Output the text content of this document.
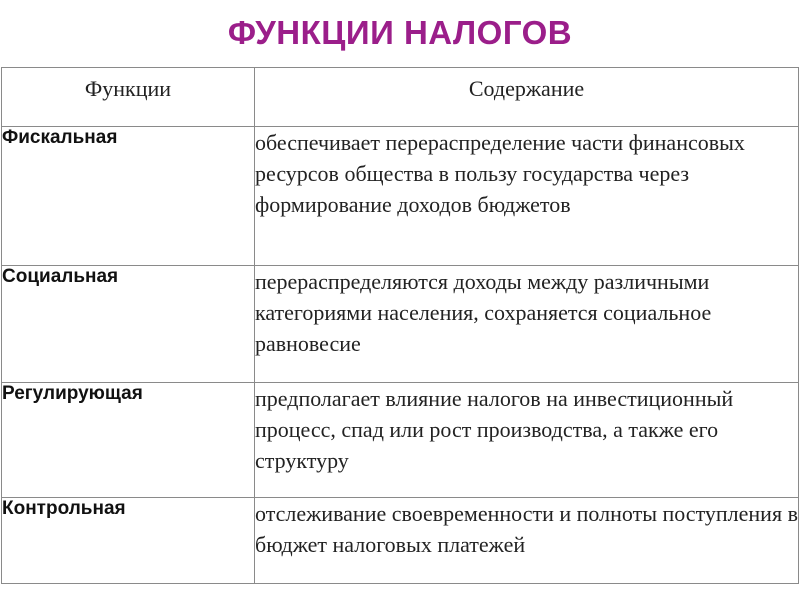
ФУНКЦИИ НАЛОГОВ
Функции	Содержание
Фискальная	обеспечивает перераспределение части финансовых ресурсов общества в пользу государства через формирование доходов бюджетов
Социальная	перераспределяются доходы между различными категориями населения, сохраняется социальное равновесие
Регулирующая	предполагает влияние налогов на инвестиционный процесс, спад или рост производства, а также его структуру
Контрольная	отслеживание своевременности и полноты поступления в бюджет налоговых платежей
